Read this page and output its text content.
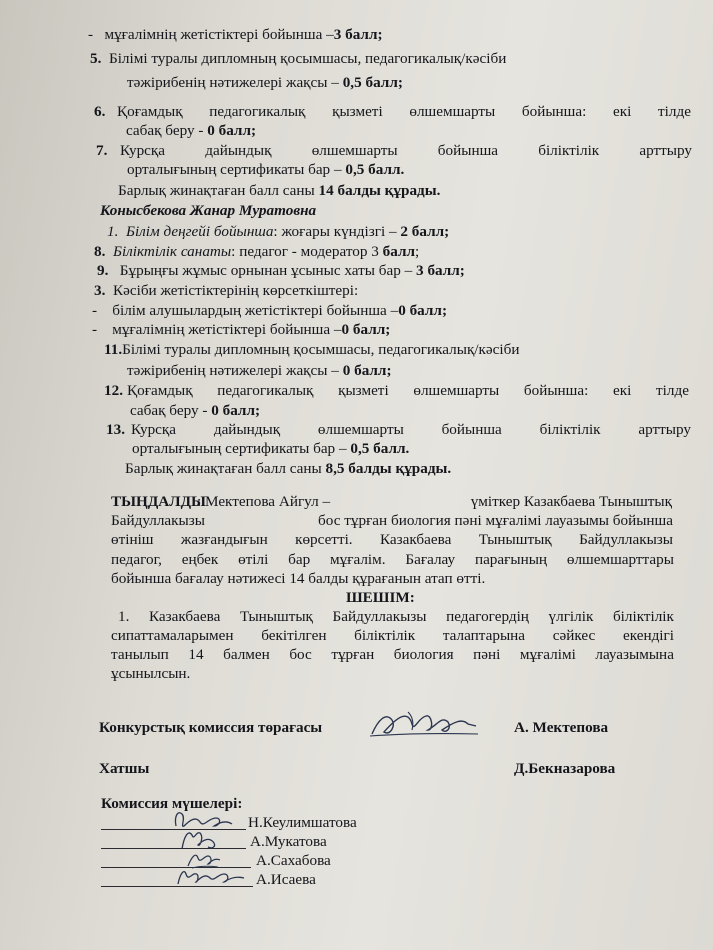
- мұғалімнің жетістіктері бойынша –3 балл;
5. Білімі туралы дипломның қосымшасы, педагогикалық/кәсіби
тәжірибенің нәтижелері жақсы – 0,5 балл;
6. Қоғамдық педагогикалық қызметі өлшемшарты бойынша: екі тілде
сабақ беру - 0 балл;
7. Курсқа	дайындық	өлшемшарты	бойынша	біліктілік	арттыру
орталығының сертификаты бар – 0,5 балл.
Барлық жинақтаған балл саны 14 балды құрады.
Конысбекова Жанар Муратовна
1. Білім деңгейі бойынша: жоғары күндізгі – 2 балл;
8. Біліктілік санаты: педагог - модератор 3 балл;
9. Бұрыңғы жұмыс орнынан ұсыныс хаты бар – 3 балл;
3. Кәсіби жетістіктерінің көрсеткіштері:
- білім алушылардың жетістіктері бойынша –0 балл;
- мұғалімнің жетістіктері бойынша –0 балл;
11.Білімі туралы дипломның қосымшасы, педагогикалық/кәсіби
тәжірибенің нәтижелері жақсы – 0 балл;
12. Қоғамдық педагогикалық қызметі өлшемшарты бойынша: екі тілде
сабақ беру - 0 балл;
13. Курсқа дайындық өлшемшарты бойынша біліктілік арттыру
орталығының сертификаты бар – 0,5 балл.
Барлық жинақтаған балл саны 8,5 балды құрады.
ТЫҢДАЛДЫ
: Мектепова Айгул –	үміткер Казакбаева Тыныштық
Байдуллакызы	бос тұрған биология пәні мұғалімі лауазымы бойынша
өтініш жазғандығын көрсетті. Казакбаева Тыныштық Байдуллакызы
педагог, еңбек өтілі бар мұғалім. Бағалау парағының өлшемшарттары
бойынша бағалау нәтижесі 14 балды құрағанын атап өтті.
ШЕШІМ:
1. Казакбаева Тыныштық Байдуллакызы педагогердің үлгілік біліктілік
сипаттамаларымен бекітілген біліктілік талаптарына сәйкес екендігі
танылып 14 балмен бос тұрған биология пәні мұғалімі лауазымына
ұсынылсын.
Конкурстық комиссия төрағасы	А. Мектепова
Хатшы	Д.Бекназарова
Комиссия мүшелері:
Н.Кеулимшатова
А.Мукатова
А.Сахабова
А.Исаева
